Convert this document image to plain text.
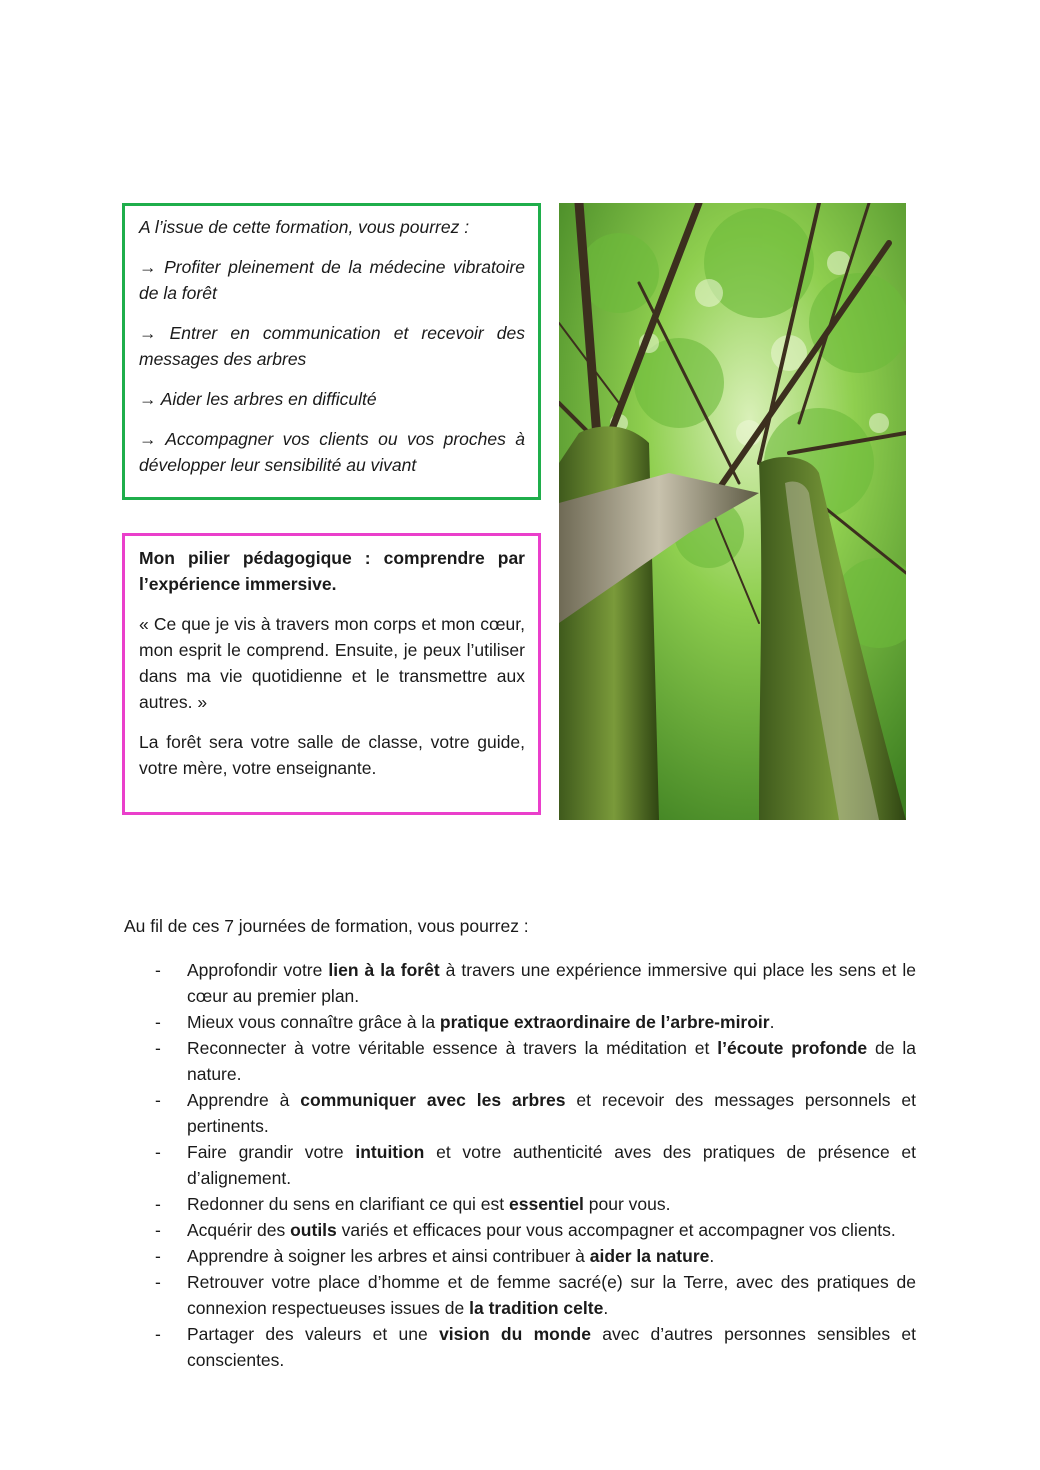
A l’issue de cette formation, vous pourrez :

→ Profiter pleinement de la médecine vibratoire de la forêt

→ Entrer en communication et recevoir des messages des arbres

→ Aider les arbres en difficulté

→ Accompagner vos clients ou vos proches à développer leur sensibilité au vivant

Mon pilier pédagogique : comprendre par l’expérience immersive.

« Ce que je vis à travers mon corps et mon cœur, mon esprit le comprend. Ensuite, je peux l’utiliser dans ma vie quotidienne et le transmettre aux autres. »

La forêt sera votre salle de classe, votre guide, votre mère, votre enseignante.

Au fil de ces 7 journées de formation, vous pourrez :

- Approfondir votre lien à la forêt à travers une expérience immersive qui place les sens et le cœur au premier plan.
- Mieux vous connaître grâce à la pratique extraordinaire de l’arbre-miroir.
- Reconnecter à votre véritable essence à travers la méditation et l’écoute profonde de la nature.
- Apprendre à communiquer avec les arbres et recevoir des messages personnels et pertinents.
- Faire grandir votre intuition et votre authenticité aves des pratiques de présence et d’alignement.
- Redonner du sens en clarifiant ce qui est essentiel pour vous.
- Acquérir des outils variés et efficaces pour vous accompagner et accompagner vos clients.
- Apprendre à soigner les arbres et ainsi contribuer à aider la nature.
- Retrouver votre place d’homme et de femme sacré(e) sur la Terre, avec des pratiques de connexion respectueuses issues de la tradition celte.
- Partager des valeurs et une vision du monde avec d’autres personnes sensibles et conscientes.
